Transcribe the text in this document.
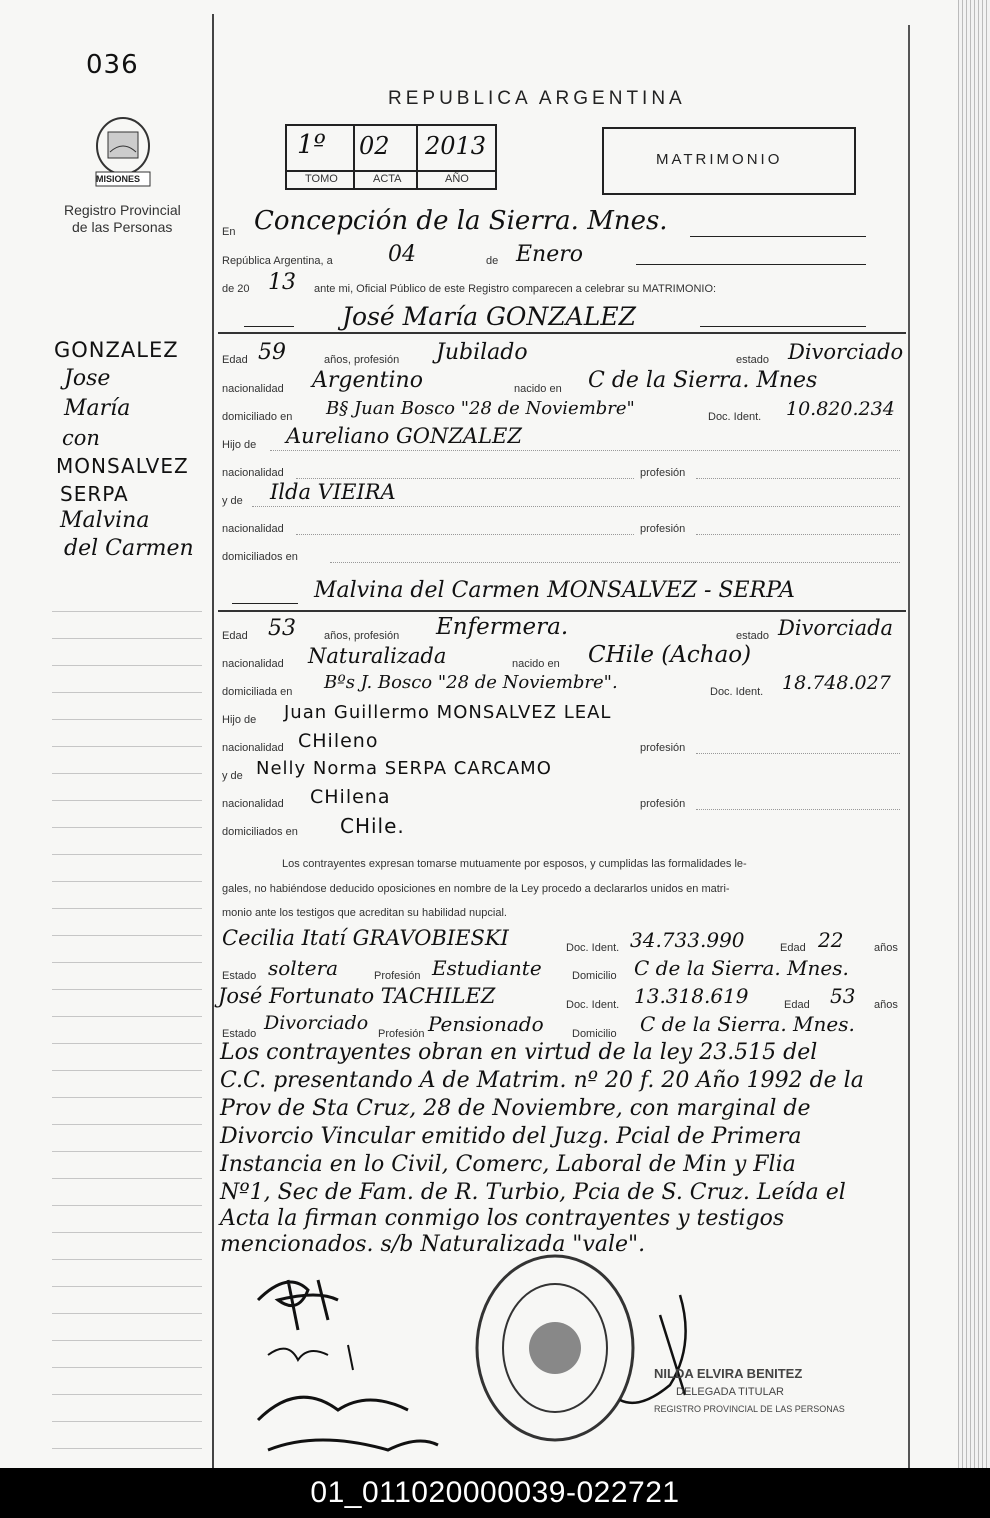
036
MISIONES
Registro Provincial
de las Personas
REPUBLICA ARGENTINA
1º 02 2013
TOMO	ACTA	AÑO
MATRIMONIO
GONZALEZ
Jose
María
con
MONSALVEZ
SERPA
Malvina
del Carmen
En Concepción de la Sierra. Mnes.
República Argentina, a	04	de Enero
de 20 13 ante mi, Oficial Público de este Registro comparecen a celebrar su MATRIMONIO:
José María GONZALEZ
Edad 59	años, profesión Jubilado	estado Divorciado
nacionalidad Argentino	nacido en C de la Sierra. Mnes
domiciliado en B§ Juan Bosco "28 de Noviembre"	Doc. Ident. 10.820.234
Hijo de Aureliano GONZALEZ
nacionalidad	profesión
y de Ilda VIEIRA
nacionalidad	profesión
domiciliados en
Malvina del Carmen MONSALVEZ - SERPA
Edad 53	años, profesión Enfermera.	estado Divorciada
nacionalidad Naturalizada	nacido en CHile (Achao)
domiciliada en Bºs J. Bosco "28 de Noviembre".	Doc. Ident. 18.748.027
Hijo de Juan Guillermo MONSALVEZ LEAL
nacionalidad CHileno	profesión
y de Nelly Norma SERPA CARCAMO
nacionalidad CHilena	profesión
domiciliados en CHile.
Los contrayentes expresan tomarse mutuamente por esposos, y cumplidas las formalidades le-
gales, no habiéndose deducido oposiciones en nombre de la Ley procedo a declararlos unidos en matri-
monio ante los testigos que acreditan su habilidad nupcial.
Cecilia Itatí GRAVOBIESKI	Doc. Ident. 34.733.990	Edad 22	años
Estado soltera	Profesión Estudiante	Domicilio C de la Sierra. Mnes.
José Fortunato TACHILEZ	Doc. Ident. 13.318.619	Edad 53 años
Estado Divorciado Profesión Pensionado	Domicilio C de la Sierra. Mnes.
Los contrayentes obran en virtud de la ley 23.515 del
C.C. presentando A de Matrim. nº 20 f. 20 Año 1992 de la
Prov de Sta Cruz, 28 de Noviembre, con marginal de
Divorcio Vincular emitido del Juzg. Pcial de Primera
Instancia en lo Civil, Comerc, Laboral de Min y Flia
Nº1, Sec de Fam. de R. Turbio, Pcia de S. Cruz. Leída el
Acta la firman conmigo los contrayentes y testigos
mencionados. s/b Naturalizada "vale".
NILDA ELVIRA BENITEZ
DELEGADA TITULAR
REGISTRO PROVINCIAL DE LAS PERSONAS
01_011020000039-022721
